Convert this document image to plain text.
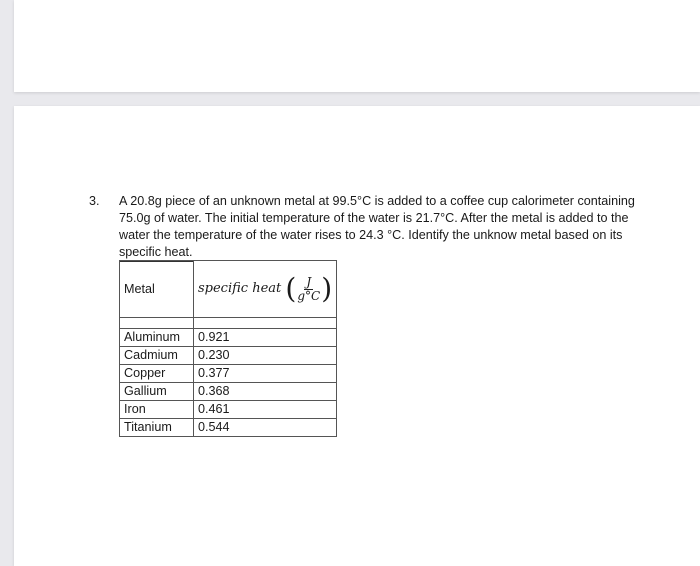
3. A 20.8g piece of an unknown metal at 99.5°C is added to a coffee cup calorimeter containing
75.0g of water. The initial temperature of the water is 21.7°C. After the metal is added to the
water the temperature of the water rises to 24.3 °C. Identify the unknow metal based on its
specific heat.
Metal	specific heat
( $\frac{J}{g^\circ C}$ )

Aluminum	0.921
Cadmium	0.230
Copper	0.377
Gallium	0.368
Iron	0.461
Titanium	0.544
